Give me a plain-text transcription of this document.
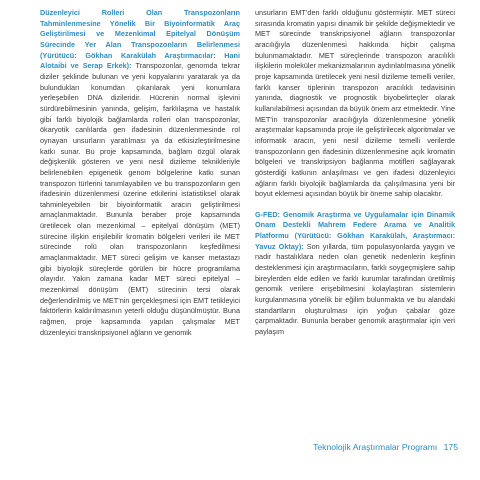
Düzenleyici Rolleri Olan Transpozonların Tahminlenmesine Yönelik Bir Biyoinformatik Araç Geliştirilmesi ve Mezenkimal Epitelyal Dönüşüm Sürecinde Yer Alan Transpozonların Belirlenmesi (Yürütücü: Gökhan Karakülah Araştırmacılar: Hani Alotaibi ve Serap Erkek): Transpozonlar, genomda tekrar diziler şeklinde bulunan ve yeni kopyalarını yaratarak ya da bulundukları konumdan çıkarılarak yeni konumlara yerleşebilen DNA dizileridir. Hücrenin normal işlevini sürdürebilmesinin yanında, gelişim, farklılaşma ve hastalık gibi farklı biyolojik bağlamlarda rolleri olan transpozonlar, ökaryotik canlılarda gen ifadesinin düzenlenmesinde rol oynayan unsurların yaratılması ya da etkisizleştirilmesine katkı sunar. Bu proje kapsamında, bağlam özgül olarak değişkenlik gösteren ve yeni nesil dizileme teknikleriyle belirlenebilen epigenetik genom bölgelerine katkı sunan transpozon türlerini tanımlayabilen ve bu transpozonların gen ifadesinin düzenlenmesi üzerine etkilerini istatistiksel olarak tahminleyebilen bir biyoinformatik aracın geliştirilmesi amaçlanmaktadır. Bununla beraber proje kapsamında üretilecek olan mezenkimal – epitelyal dönüşüm (MET) sürecine ilişkin erişilebilir kromatin bölgeleri verileri ile MET sürecinde rolü olan transpozonların keşfedilmesi amaçlanmaktadır. MET süreci gelişim ve kanser metastazı gibi biyolojik süreçlerde görülen bir hücre programlama olayıdır. Yakın zamana kadar MET süreci epitelyal – mezenkimal dönüşüm (EMT) sürecinin tersi olarak değerlendirilmiş ve MET’nin gerçekleşmesi için EMT tetikleyici faktörlerin kaldırılmasının yeterli olduğu düşünülmüştür. Buna rağmen, proje kapsamında yapılan çalışmalar MET düzenleyici transkripsiyonel ağların ve genomik

unsurların EMT’den farklı olduğunu göstermiştir. MET süreci sırasında kromatin yapısı dinamik bir şekilde değişmektedir ve MET sürecinde transkripsiyonel ağların transpozonlar aracılığıyla düzenlenmesi hakkında hiçbir çalışma bulunmamaktadır. MET süreçlerinde transpozon aracılıklı ilişkilerin moleküler mekanizmalarının aydınlatılmasına yönelik proje kapsamında üretilecek yeni nesil dizileme temelli veriler, farklı kanser tiplerinin transpozon aracılıklı tedavisinin yanında, diagnostik ve prognostik biyobelirteçler olarak kullanılabilmesi açısından da büyük önem arz etmektedir. Yine MET’in transpozonlar aracılığıyla düzenlenmesine yönelik araştırmalar kapsamında proje ile geliştirilecek algoritmalar ve informatik aracın, yeni nesil dizileme temelli verilerde transpozonların gen ifadesinin düzenlenmesine açık kromatin bölgeleri ve transkripsiyon bağlanma motifleri sağlayarak gösterdiği katkının anlaşılması ve gen ifadesi düzenleyici ağların farklı biyolojik bağlamlarda da çalışılmasına yeni bir boyut eklemesi açısından büyük bir öneme sahip olacaktır.

G-FED: Genomik Araştırma ve Uygulamalar için Dinamik Onam Destekli Mahrem Federe Arama ve Analitik Platformu (Yürütücü: Gökhan Karakülah, Araştırmacı: Yavuz Oktay): Son yıllarda, tüm populasyonlarda yaygın ve nadir hastalıklara neden olan genetik nedenlerin keşfinin desteklenmesi için araştırmacıların, farklı soygeçmişlere sahip bireylerden elde edilen ve farklı kurumlar tarafından üretilmiş genomik verilere erişebilmesini kolaylaştıran sistemlerin kurgulanmasına yönelik bir eğilim bulunmakta ve bu alandaki standartların oluşturulması için yoğun çabalar göze çarpmaktadır. Bununla beraber genomik araştırmalar için veri paylaşım

Teknolojik Araştırmalar Programı 175
